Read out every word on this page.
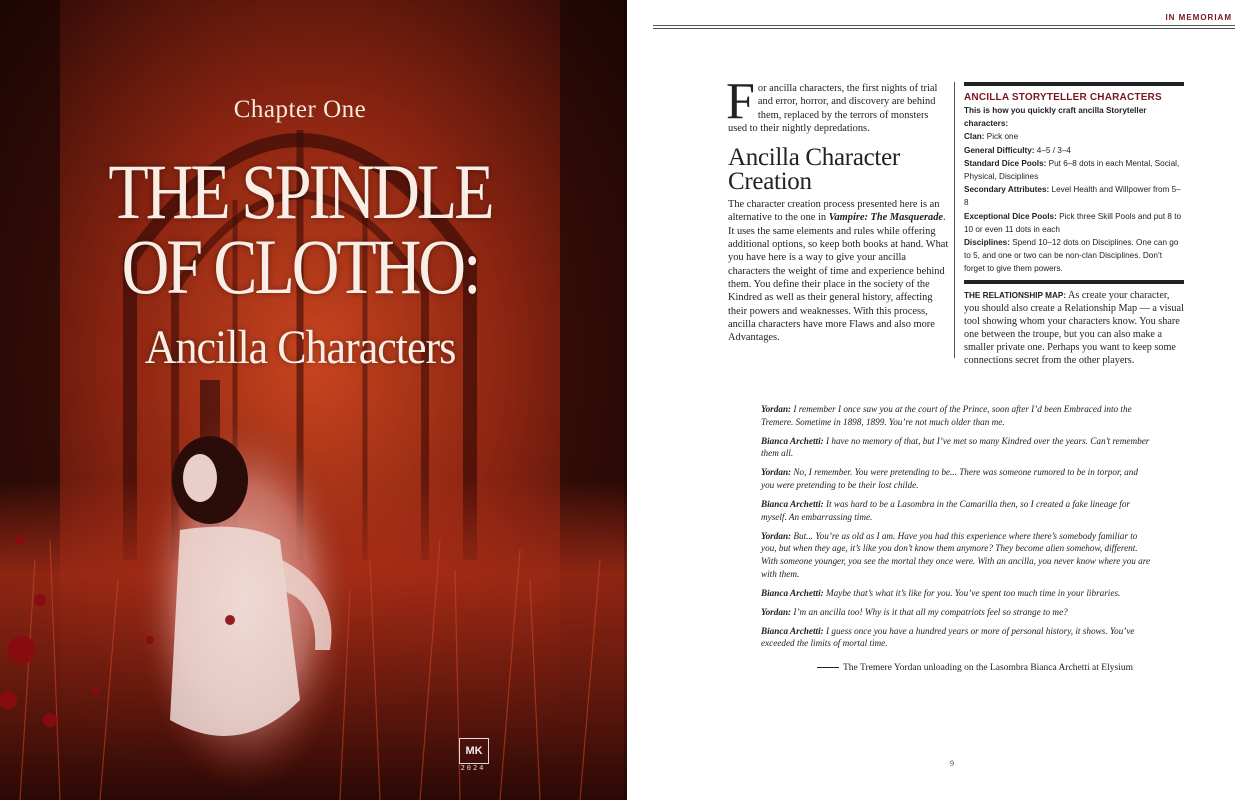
Chapter One
THE SPINDLE
OF CLOTHO:
Ancilla Characters
MK
2024
IN MEMORIAM
For ancilla characters, the first nights of trial and error, horror, and discovery are behind them, replaced by the terrors of monsters used to their nightly depredations.
Ancilla Character Creation

The character creation process presented here is an alternative to the one in Vampire: The Masquerade. It uses the same elements and rules while offering additional options, so keep both books at hand. What you have here is a way to give your ancilla characters the weight of time and experience behind them. You define their place in the society of the Kindred as well as their general history, affecting their powers and weaknesses. With this process, ancilla characters have more Flaws and also more Advantages.

ANCILLA STORYTELLER CHARACTERS
This is how you quickly craft ancilla Storyteller characters:
Clan: Pick one
General Difficulty: 4–5 / 3–4
Standard Dice Pools: Put 6–8 dots in each Mental, Social, Physical, Disciplines
Secondary Attributes: Level Health and Willpower from 5–8
Exceptional Dice Pools: Pick three Skill Pools and put 8 to 10 or even 11 dots in each
Disciplines: Spend 10–12 dots on Disciplines. One can go to 5, and one or two can be non-clan Disciplines. Don’t forget to give them powers.

THE RELATIONSHIP MAP: As create your character, you should also create a Relationship Map — a visual tool showing whom your characters know. You share one between the troupe, but you can also make a smaller private one. Perhaps you want to keep some connections secret from the other players.

Yordan: I remember I once saw you at the court of the Prince, soon after I’d been Embraced into the Tremere. Sometime in 1898, 1899. You’re not much older than me.

Bianca Archetti: I have no memory of that, but I’ve met so many Kindred over the years. Can’t remember them all.

Yordan: No, I remember. You were pretending to be... There was someone rumored to be in torpor, and you were pretending to be their lost childe.

Bianca Archetti: It was hard to be a Lasombra in the Camarilla then, so I created a fake lineage for myself. An embarrassing time.

Yordan: But... You’re as old as I am. Have you had this experience where there’s somebody familiar to you, but when they age, it’s like you don’t know them anymore? They become alien somehow, different. With someone younger, you see the mortal they once were. With an ancilla, you never know where you are with them.

Bianca Archetti: Maybe that’s what it’s like for you. You’ve spent too much time in your libraries.

Yordan: I’m an ancilla too! Why is it that all my compatriots feel so strange to me?

Bianca Archetti: I guess once you have a hundred years or more of personal history, it shows. You’ve exceeded the limits of mortal time.

The Tremere Yordan unloading on the Lasombra Bianca Archetti at Elysium
9
